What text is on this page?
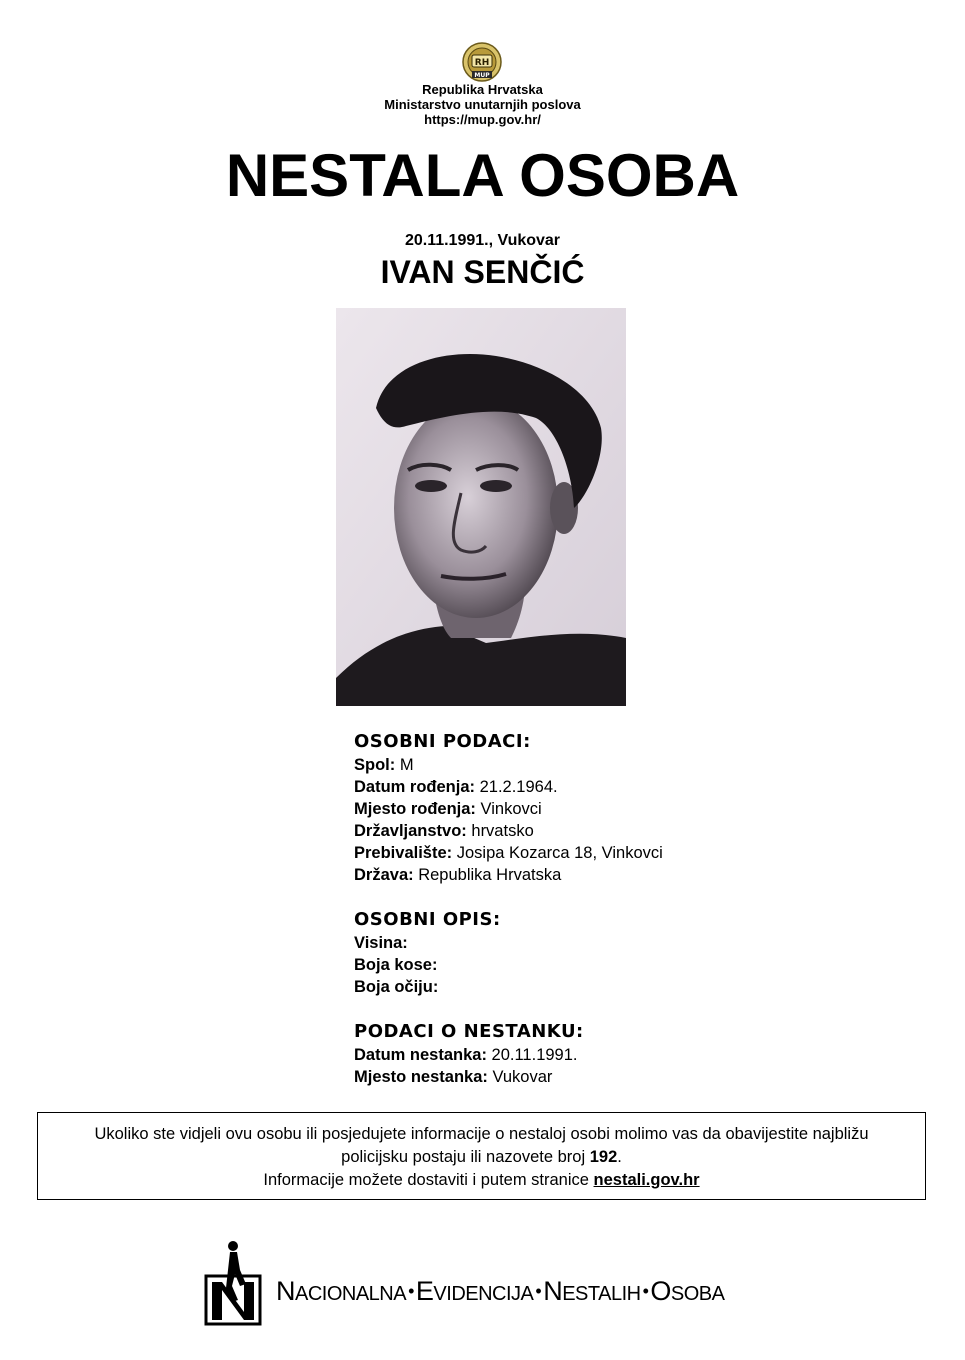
RH
MUP
Republika Hrvatska
Ministarstvo unutarnjih poslova
https://mup.gov.hr/
NESTALA OSOBA
20.11.1991., Vukovar
IVAN SENČIĆ
OSOBNI PODACI:
Spol: M
Datum rođenja: 21.2.1964.
Mjesto rođenja: Vinkovci
Državljanstvo: hrvatsko
Prebivalište: Josipa Kozarca 18, Vinkovci
Država: Republika Hrvatska
OSOBNI OPIS:
Visina:
Boja kose:
Boja očiju:
PODACI O NESTANKU:
Datum nestanka: 20.11.1991.
Mjesto nestanka: Vukovar
Ukoliko ste vidjeli ovu osobu ili posjedujete informacije o nestaloj osobi molimo vas da obavijestite najbližu
policijsku postaju ili nazovete broj 192.
Informacije možete dostaviti i putem stranice nestali.gov.hr
NACIONALNA •EVIDENCIJA •NESTALIH •OSOBA
